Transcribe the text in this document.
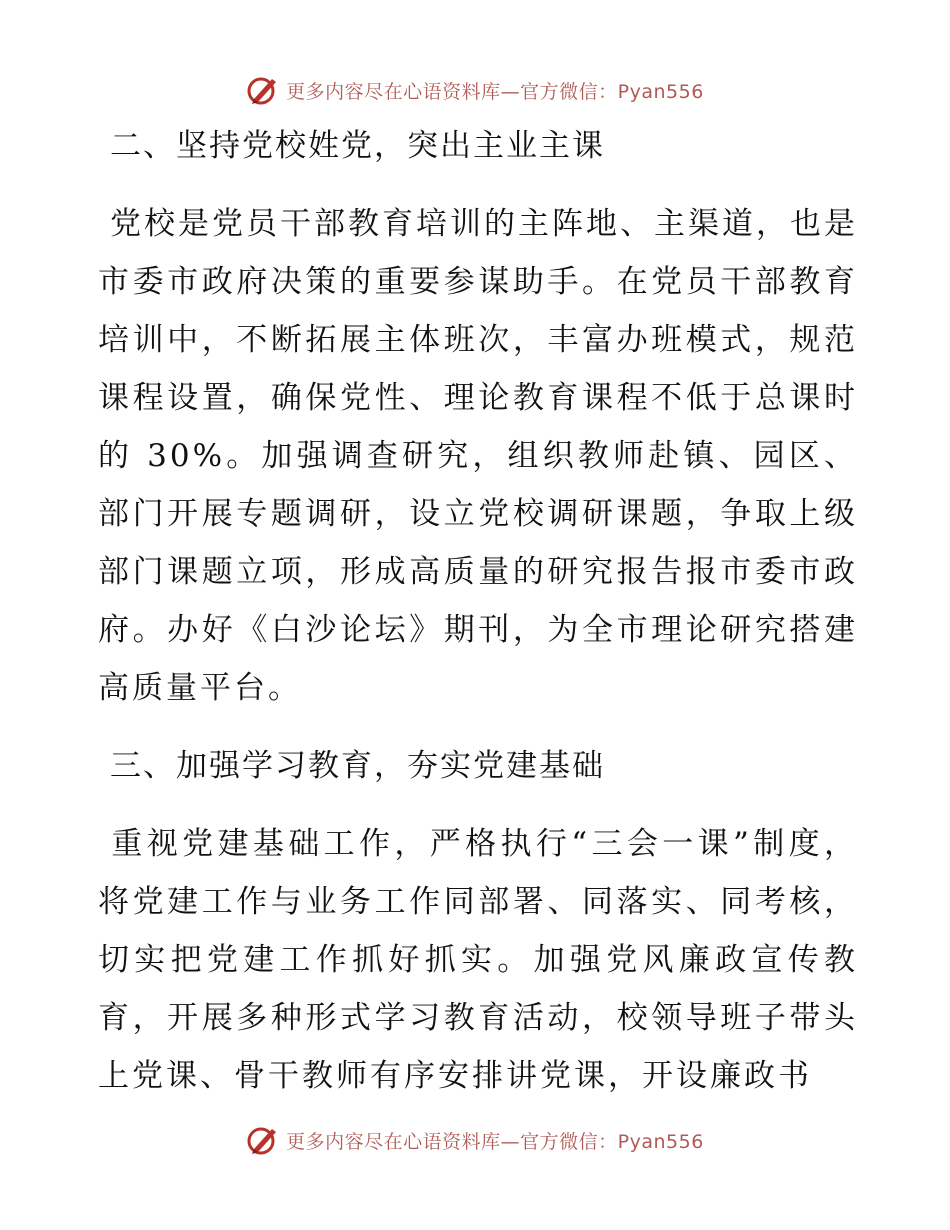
更多内容尽在心语资料库—官方微信：Pyan556

二、坚持党校姓党，突出主业主课

党校是党员干部教育培训的主阵地、主渠道，也是市委市政府决策的重要参谋助手。在党员干部教育培训中，不断拓展主体班次，丰富办班模式，规范课程设置，确保党性、理论教育课程不低于总课时的 30%。加强调查研究，组织教师赴镇、园区、部门开展专题调研，设立党校调研课题，争取上级部门课题立项，形成高质量的研究报告报市委市政府。办好《白沙论坛》期刊，为全市理论研究搭建高质量平台。

三、加强学习教育，夯实党建基础

重视党建基础工作，严格执行“三会一课”制度，将党建工作与业务工作同部署、同落实、同考核，切实把党建工作抓好抓实。加强党风廉政宣传教育，开展多种形式学习教育活动，校领导班子带头上党课、骨干教师有序安排讲党课，开设廉政书

更多内容尽在心语资料库—官方微信：Pyan556
